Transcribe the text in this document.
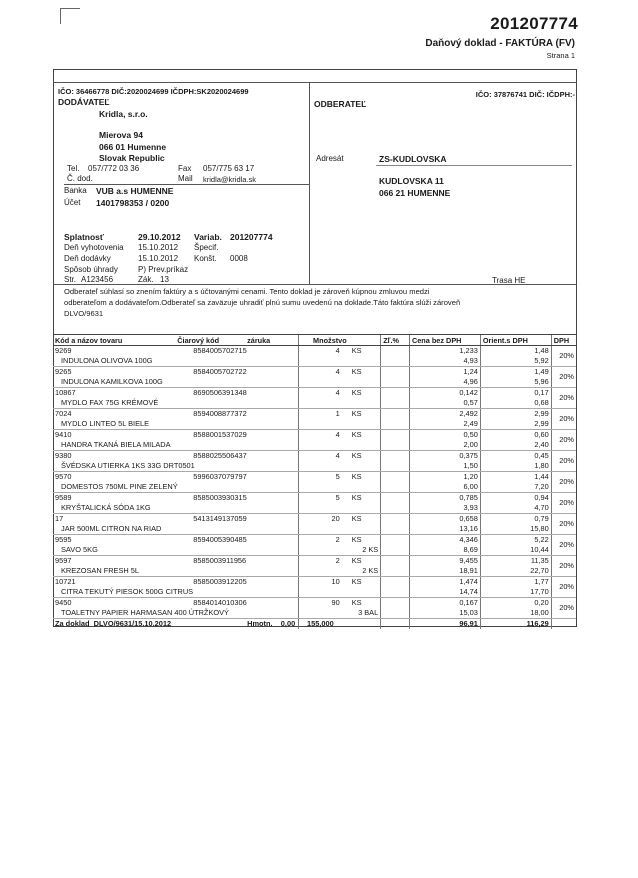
201207774
Daňový doklad - FAKTÚRA (FV)
Strana 1
IČO: 36466778 DIČ:2020024699 IČDPH:SK2020024699
DODÁVATEĽ
Kridla, s.r.o.
Mierova 94
066 01 Humenne
Slovak Republic
Tel. 057/772 03 36	Fax 057/775 63 17
Č. dod.	Mail kridla@kridla.sk
Banka VUB a.s HUMENNE
Účet 1401798353 / 0200
IČO: 37876741 DIČ: IČDPH:-
ODBERATEĽ
Adresát	ZS-KUDLOVSKA
KUDLOVSKA 11
066 21 HUMENNE
Splatnosť	29.10.2012 Variab. 201207774
Deň vyhotovenia 15.10.2012 Špecif.
Deň dodávky	15.10.2012 Konšt. 0008
Spôsob úhrady	P) Prev.príkaz
Str. A123456	Zák. 13	Trasa HE
Odberateľ súhlasí so znením faktúry a s účtovanými cenami. Tento doklad je zároveň kúpnou zmluvou medzi
odberateľom a dodávateľom.Odberateľ sa zaväzuje uhradiť plnú sumu uvedenú na doklade.Táto faktúra slúži zároveň
DLVO/9631
Kód a názov tovaru	Čiarový kód	záruka	Množstvo		Zľ.%	Cena bez DPH	Orient.s DPH	DPH
9269	8584005702715		4	KS		1,233	1,48	20%
INDULONA OLIVOVA 100G						4,93	5,92	
9265	8584005702722		4	KS		1,24	1,49	20%
INDULONA KAMILKOVA 100G						4,96	5,96	
10867	8690506391348		4	KS		0,142	0,17	20%
MYDLO FAX 75G KRÉMOVÉ						0,57	0,68	
7024	8594008877372		1	KS		2,492	2,99	20%
MYDLO LINTEO 5L BIELE						2,49	2,99	
9410	8588001537029		4	KS		0,50	0,60	20%
HANDRA TKANÁ BIELA MILADA						2,00	2,40	
9380	8588025506437		4	KS		0,375	0,45	20%
ŠVÉDSKA UTIERKA 1KS 33G DRT0501						1,50	1,80	
9570	5996037079797		5	KS		1,20	1,44	20%
DOMESTOS 750ML PINE ZELENÝ						6,00	7,20	
9589	8585003930315		5	KS		0,785	0,94	20%
KRYŠTALICKÁ SÓDA 1KG						3,93	4,70	
17	5413149137059		20	KS		0,658	0,79	20%
JAR 500ML CITRON NA RIAD						13,16	15,80	
9595	8594005390485		2	KS		4,346	5,22	20%
SAVO 5KG			2 KS			8,69	10,44	
9597	8585003911956		2	KS		9,455	11,35	20%
KREZOSAN FRESH 5L			2 KS			18,91	22,70	
10721	8585003912205		10	KS		1,474	1,77	20%
CITRA TEKUTÝ PIESOK 500G CITRUS						14,74	17,70	
9450	8584014010306		90	KS		0,167	0,20	20%
TOALETNY PAPIER HARMASAN 400 ÚTRŽKOVÝ			3 BAL			15,03	18,00	
Za doklad DLVO/9631/15.10.2012		Hmotn. 0,00	155,000			96,91	116,29	
